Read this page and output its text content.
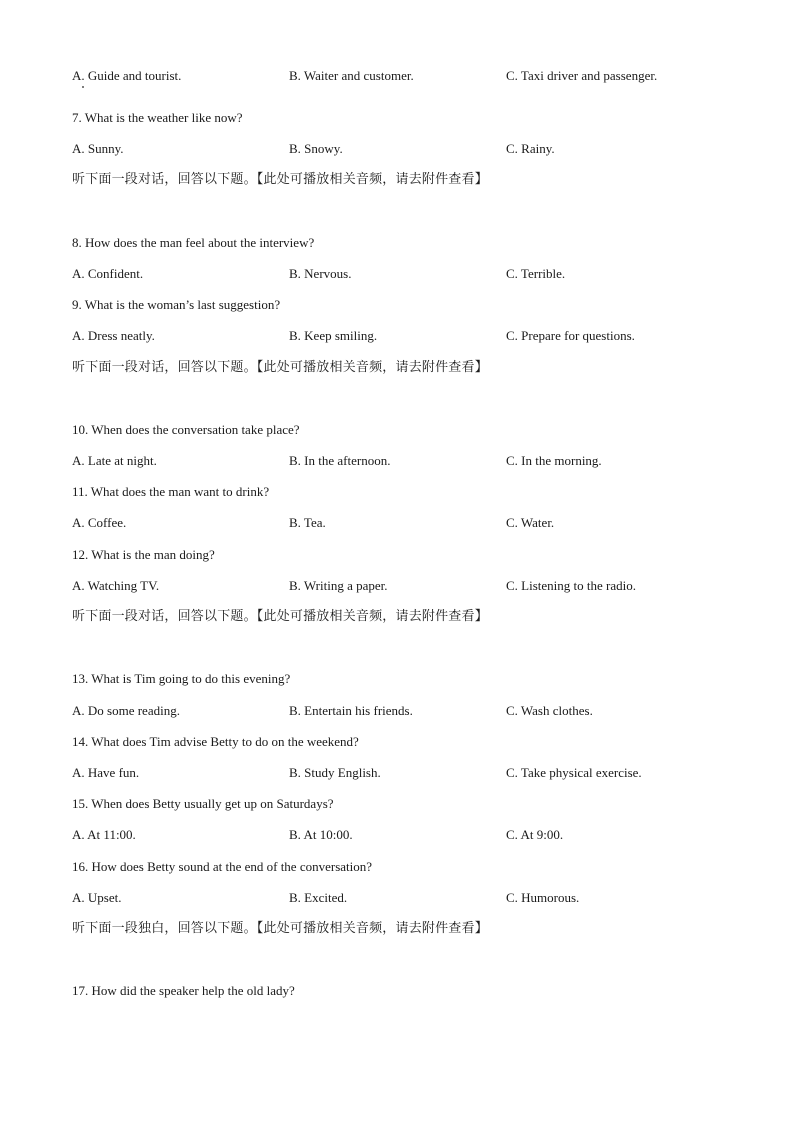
A. Guide and tourist.	B. Waiter and customer.	C. Taxi driver and passenger.
7. What is the weather like now?
A. Sunny.	B. Snowy.	C. Rainy.
听下面一段对话，回答以下题。【此处可播放相关音频，请去附件查看】
8. How does the man feel about the interview?
A. Confident.	B. Nervous.	C. Terrible.
9. What is the woman’s last suggestion?
A. Dress neatly.	B. Keep smiling.	C. Prepare for questions.
听下面一段对话，回答以下题。【此处可播放相关音频，请去附件查看】
10. When does the conversation take place?
A. Late at night.	B. In the afternoon.	C. In the morning.
11. What does the man want to drink?
A. Coffee.	B. Tea.	C. Water.
12. What is the man doing?
A. Watching TV.	B. Writing a paper.	C. Listening to the radio.
听下面一段对话，回答以下题。【此处可播放相关音频，请去附件查看】
13. What is Tim going to do this evening?
A. Do some reading.	B. Entertain his friends.	C. Wash clothes.
14. What does Tim advise Betty to do on the weekend?
A. Have fun.	B. Study English.	C. Take physical exercise.
15. When does Betty usually get up on Saturdays?
A. At 11:00.	B. At 10:00.	C. At 9:00.
16. How does Betty sound at the end of the conversation?
A. Upset.	B. Excited.	C. Humorous.
听下面一段独白，回答以下题。【此处可播放相关音频，请去附件查看】
17. How did the speaker help the old lady?
